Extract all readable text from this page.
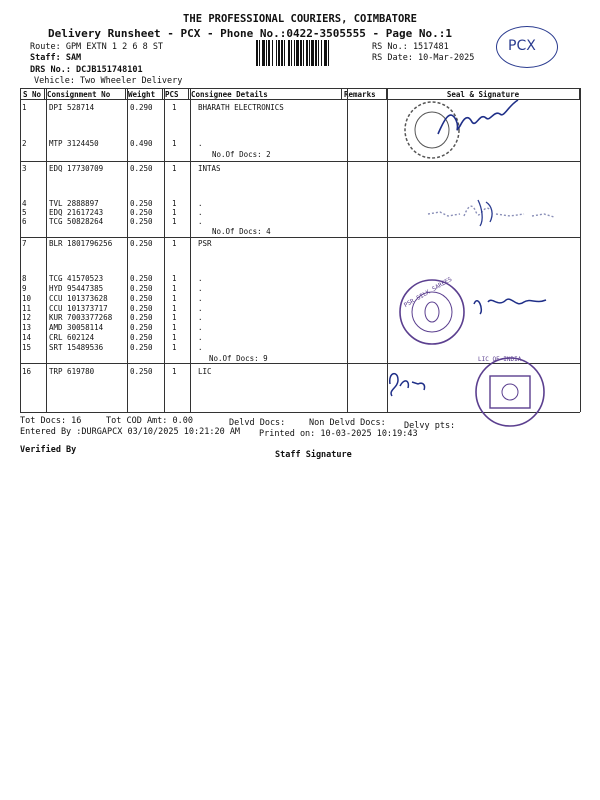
THE PROFESSIONAL COURIERS, COIMBATORE
Delivery Runsheet - PCX - Phone No.:0422-3505555 - Page No.:1
Route: GPM EXTN 1 2 6 8 ST
Staff: SAM
DRS No.: DCJB151748101
Vehicle: Two Wheeler Delivery
RS No.: 1517481
RS Date: 10-Mar-2025
PCX
S No	Consignment No	Weight	PCS	Consignee Details	Remarks	Seal & Signature
1	DPI 528714	0.290	1	BHARATH ELECTRONICS
2	MTP 3124450	0.490	1	.
3	EDQ 17730709	0.250	1	INTAS
4	TVL 2888897	0.250	1	.
5	EDQ 21617243	0.250	1	.
6	TCG 50828264	0.250	1	.
7	BLR 1801796256 0.250	1	PSR
8	TCG 41570523	0.250	1	.
9	HYD 95447385	0.250	1	.
10 CCU 101373628	0.250	1	.
11 CCU 101373717	0.250	1	.
12 KUR 7003377268 0.250	1	.
13 AMD 30058114	0.250	1	.
14 CRL 602124	0.250	1	.
15 SRT 15489536	0.250	1	.
16 TRP 619780	0.250	1	LIC
No.Of Docs: 2
No.Of Docs: 4
No.Of Docs: 9
PSR SILK SAREES
LIC OF INDIA
Tot Docs: 16	Tot COD Amt: 0.00	Delvd Docs:	Non Delvd Docs: Delvy pts:
Entered By :DURGAPCX 03/10/2025 10:21:20 AM Printed on: 10-03-2025 10:19:43
Verified By	Staff Signature
